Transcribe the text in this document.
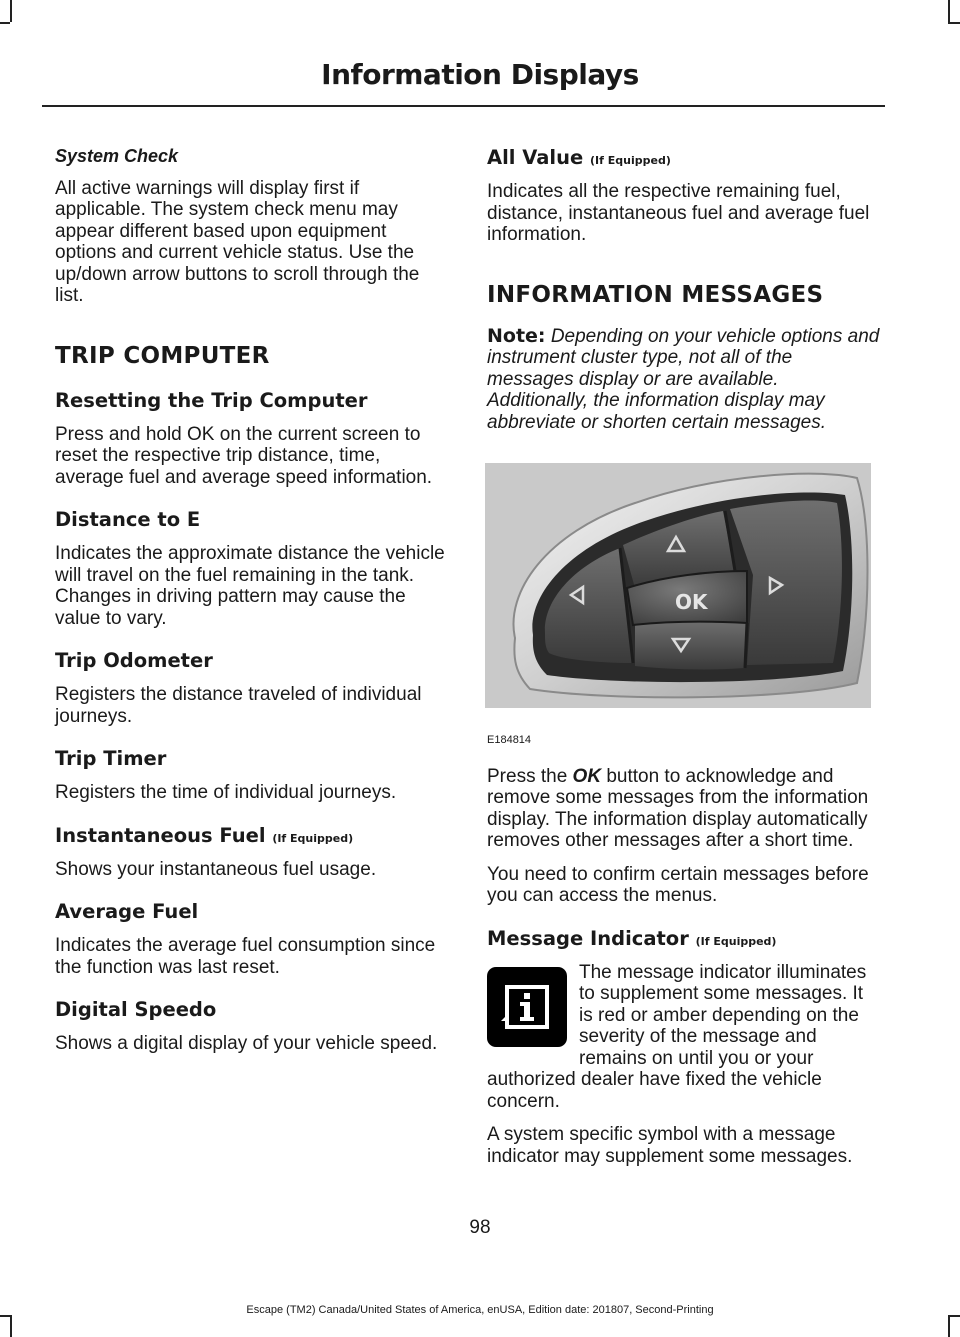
Information Displays

System Check

All active warnings will display first if applicable. The system check menu may appear different based upon equipment options and current vehicle status. Use the up/down arrow buttons to scroll through the list.

TRIP COMPUTER
Resetting the Trip Computer

Press and hold OK on the current screen to reset the respective trip distance, time, average fuel and average speed information.

Distance to E

Indicates the approximate distance the vehicle will travel on the fuel remaining in the tank. Changes in driving pattern may cause the value to vary.

Trip Odometer

Registers the distance traveled of individual journeys.

Trip Timer

Registers the time of individual journeys.

Instantaneous Fuel (If Equipped)

Shows your instantaneous fuel usage.

Average Fuel

Indicates the average fuel consumption since the function was last reset.

Digital Speedo

Shows a digital display of your vehicle speed.

All Value (If Equipped)

Indicates all the respective remaining fuel, distance, instantaneous fuel and average fuel information.

INFORMATION MESSAGES

Note: Depending on your vehicle options and instrument cluster type, not all of the messages display or are available. Additionally, the information display may abbreviate or shorten certain messages.

OK

E184814

Press the OK button to acknowledge and remove some messages from the information display. The information display automatically removes other messages after a short time.

You need to confirm certain messages before you can access the menus.

Message Indicator (If Equipped)

The message indicator illuminates to supplement some messages. It is red or amber depending on the severity of the message and remains on until you or your authorized dealer have fixed the vehicle concern.

A system specific symbol with a message indicator may supplement some messages.

98
Escape (TM2) Canada/United States of America, enUSA, Edition date: 201807, Second-Printing
